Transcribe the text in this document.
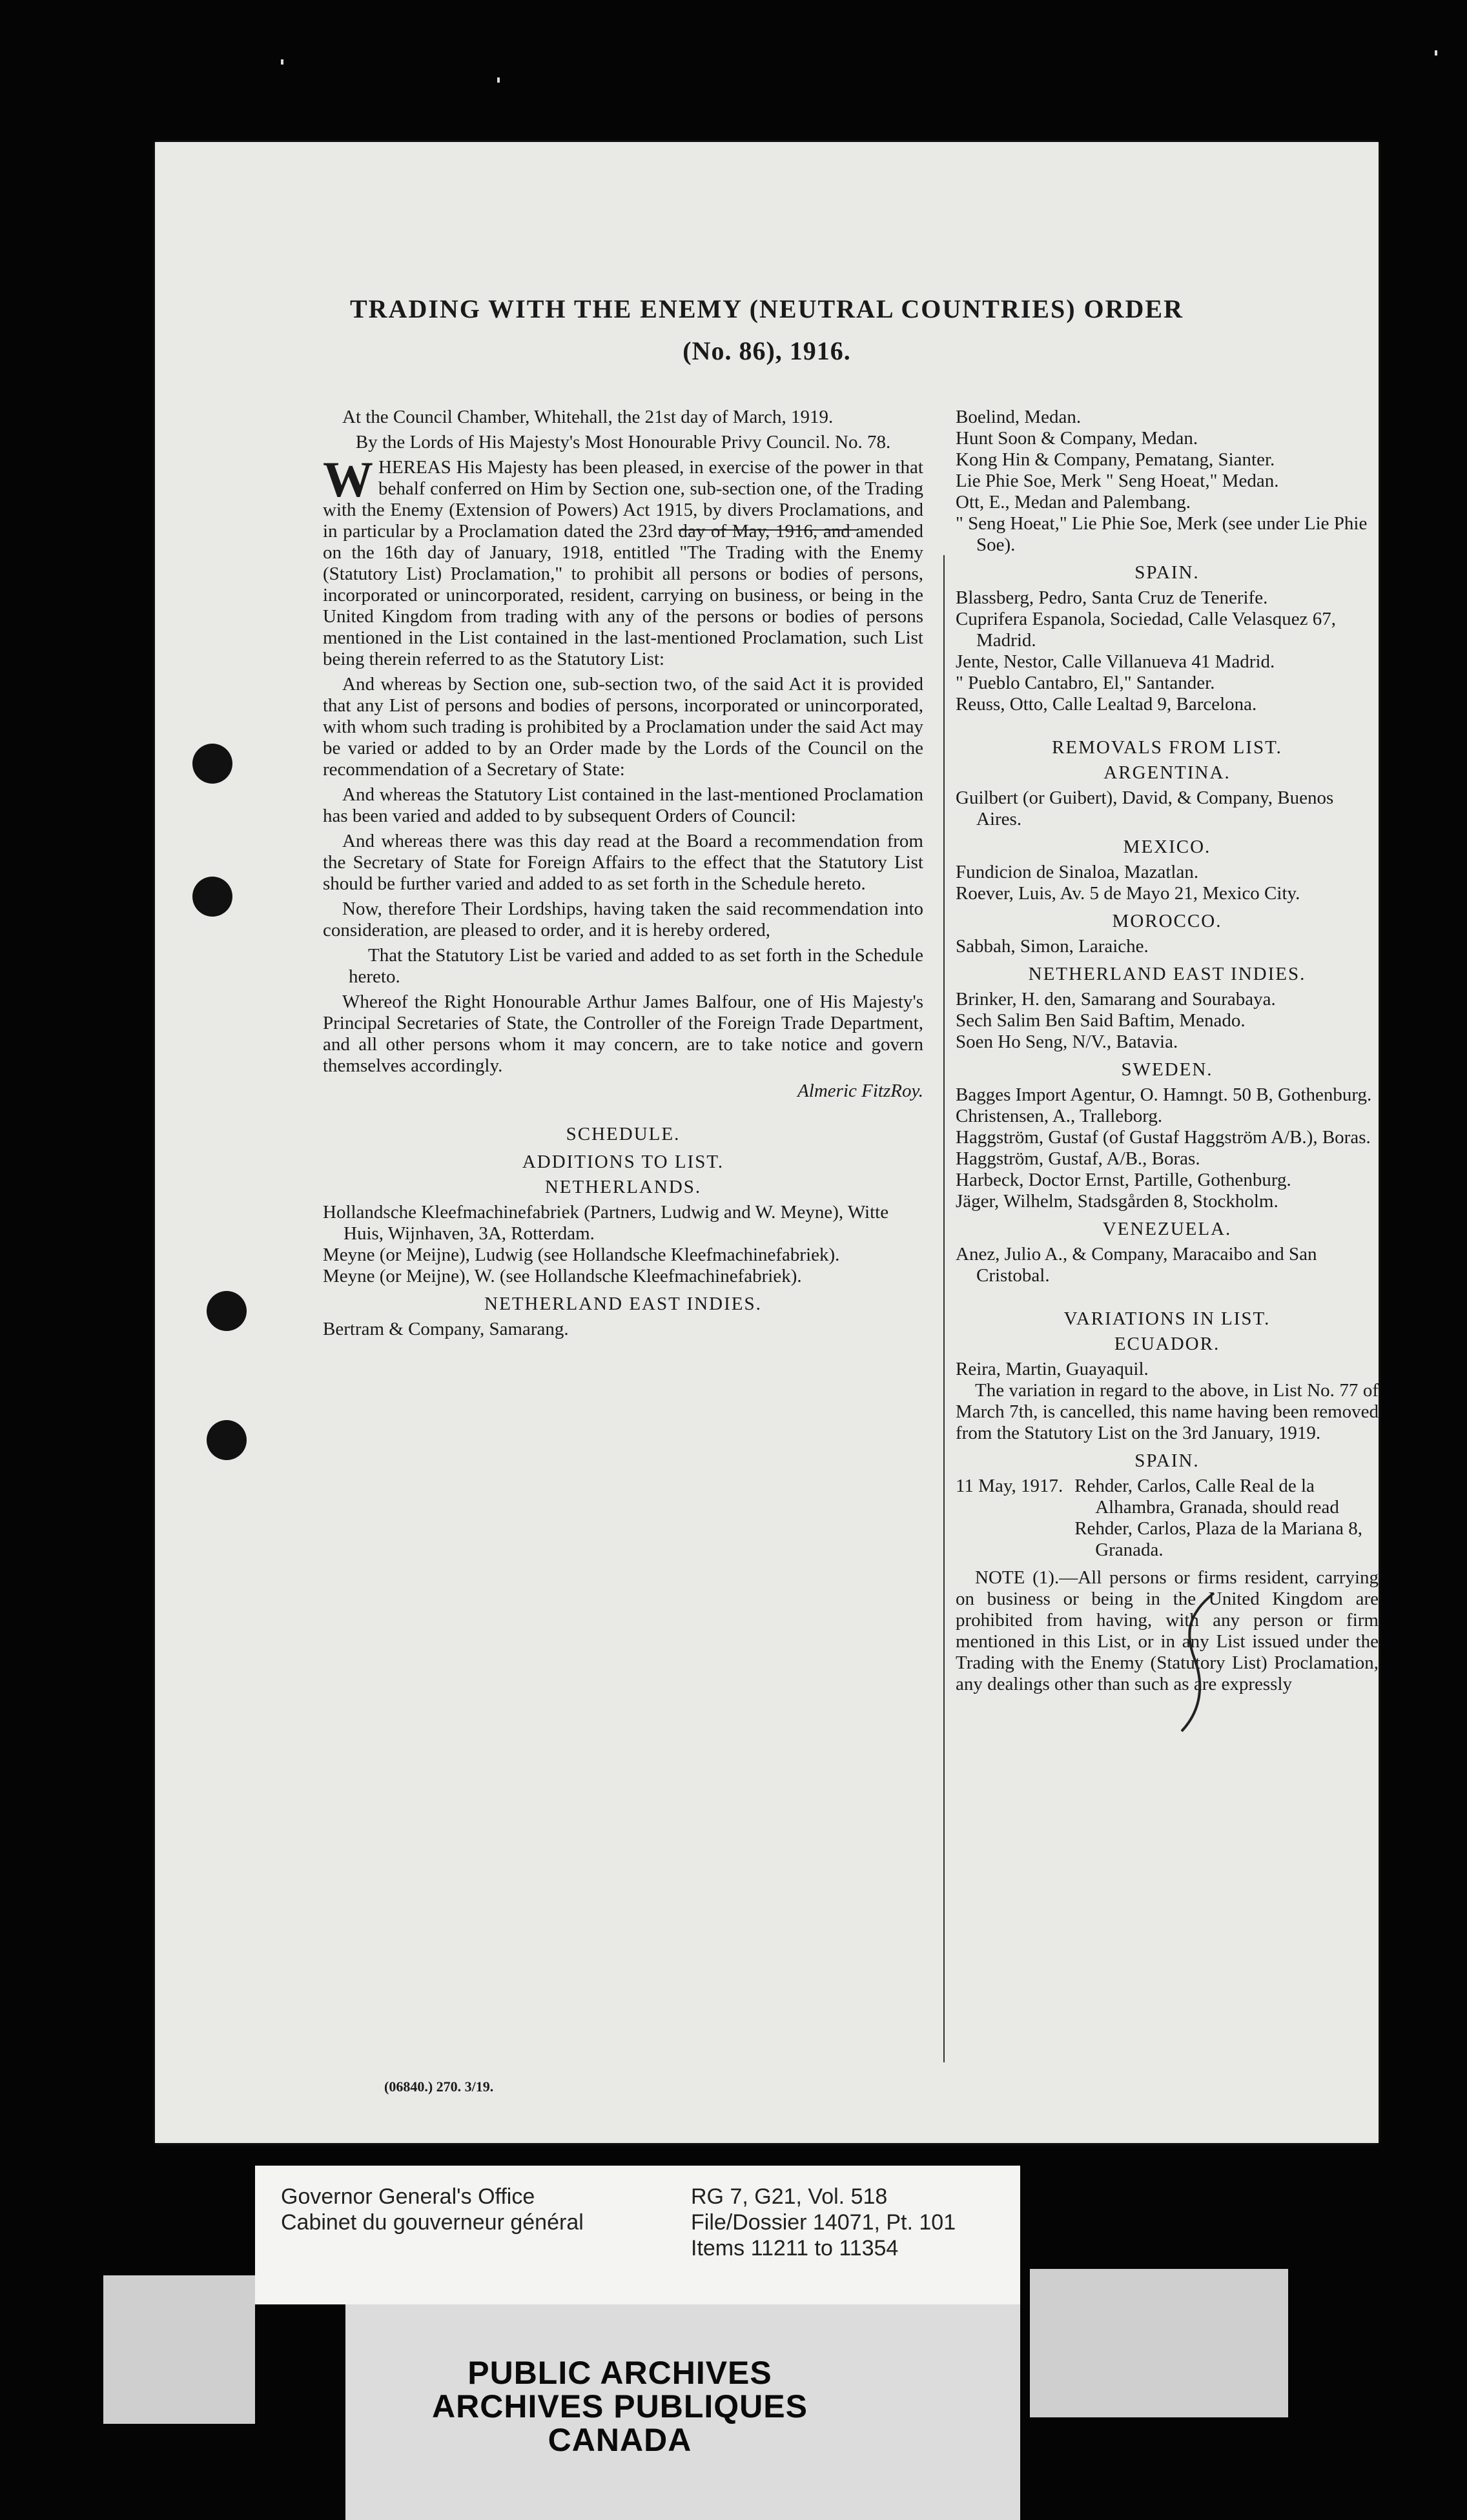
TRADING WITH THE ENEMY (NEUTRAL COUNTRIES) ORDER
(No. 86), 1916.

At the Council Chamber, Whitehall, the 21st day of March, 1919.

By the Lords of His Majesty's Most Honourable Privy Council. No. 78.

WHEREAS His Majesty has been pleased, in exercise of the power in that behalf conferred on Him by Section one, sub-section one, of the Trading with the Enemy (Extension of Powers) Act 1915, by divers Proclamations, and in particular by a Proclamation dated the 23rd day of May, 1916, and amended on the 16th day of January, 1918, entitled "The Trading with the Enemy (Statutory List) Proclamation," to prohibit all persons or bodies of persons, incorporated or unincorporated, resident, carrying on business, or being in the United Kingdom from trading with any of the persons or bodies of persons mentioned in the List contained in the last-mentioned Proclamation, such List being therein referred to as the Statutory List:

And whereas by Section one, sub-section two, of the said Act it is provided that any List of persons and bodies of persons, incorporated or unincorporated, with whom such trading is prohibited by a Proclamation under the said Act may be varied or added to by an Order made by the Lords of the Council on the recommendation of a Secretary of State:

And whereas the Statutory List contained in the last-mentioned Proclamation has been varied and added to by subsequent Orders of Council:

And whereas there was this day read at the Board a recommendation from the Secretary of State for Foreign Affairs to the effect that the Statutory List should be further varied and added to as set forth in the Schedule hereto.

Now, therefore Their Lordships, having taken the said recommendation into consideration, are pleased to order, and it is hereby ordered,

That the Statutory List be varied and added to as set forth in the Schedule hereto.

Whereof the Right Honourable Arthur James Balfour, one of His Majesty's Principal Secretaries of State, the Controller of the Foreign Trade Department, and all other persons whom it may concern, are to take notice and govern themselves accordingly.

Almeric FitzRoy.

SCHEDULE.

ADDITIONS TO LIST.

NETHERLANDS.

Hollandsche Kleefmachinefabriek (Partners, Ludwig and W. Meyne), Witte Huis, Wijnhaven, 3A, Rotterdam.

Meyne (or Meijne), Ludwig (see Hollandsche Kleefmachinefabriek).

Meyne (or Meijne), W. (see Hollandsche Kleefmachinefabriek).

NETHERLAND EAST INDIES.

Bertram & Company, Samarang.

(06840.) 270. 3/19.

Boelind, Medan.

Hunt Soon & Company, Medan.

Kong Hin & Company, Pematang, Sianter.

Lie Phie Soe, Merk " Seng Hoeat," Medan.

Ott, E., Medan and Palembang.

" Seng Hoeat," Lie Phie Soe, Merk (see under Lie Phie Soe).

SPAIN.

Blassberg, Pedro, Santa Cruz de Tenerife.

Cuprifera Espanola, Sociedad, Calle Velasquez 67, Madrid.

Jente, Nestor, Calle Villanueva 41 Madrid.

" Pueblo Cantabro, El," Santander.

Reuss, Otto, Calle Lealtad 9, Barcelona.

REMOVALS FROM LIST.

ARGENTINA.

Guilbert (or Guibert), David, & Company, Buenos Aires.

MEXICO.

Fundicion de Sinaloa, Mazatlan.

Roever, Luis, Av. 5 de Mayo 21, Mexico City.

MOROCCO.

Sabbah, Simon, Laraiche.

NETHERLAND EAST INDIES.

Brinker, H. den, Samarang and Sourabaya.

Sech Salim Ben Said Baftim, Menado.

Soen Ho Seng, N/V., Batavia.

SWEDEN.

Bagges Import Agentur, O. Hamngt. 50 B, Gothenburg.

Christensen, A., Tralleborg.

Haggström, Gustaf (of Gustaf Haggström A/B.), Boras.

Haggström, Gustaf, A/B., Boras.

Harbeck, Doctor Ernst, Partille, Gothenburg.

Jäger, Wilhelm, Stadsgården 8, Stockholm.

VENEZUELA.

Anez, Julio A., & Company, Maracaibo and San Cristobal.

VARIATIONS IN LIST.

ECUADOR.

Reira, Martin, Guayaquil.

The variation in regard to the above, in List No. 77 of March 7th, is cancelled, this name having been removed from the Statutory List on the 3rd January, 1919.

SPAIN.

11 May, 1917. Rehder, Carlos, Calle Real de la Alhambra, Granada, should read

Rehder, Carlos, Plaza de la Mariana 8, Granada.

NOTE (1).—All persons or firms resident, carrying on business or being in the United Kingdom are prohibited from having, with any person or firm mentioned in this List, or in any List issued under the Trading with the Enemy (Statutory List) Proclamation, any dealings other than such as are expressly

Governor General's Office
Cabinet du gouverneur général
RG 7, G21, Vol. 518
File/Dossier 14071, Pt. 101
Items 11211 to 11354
PUBLIC ARCHIVES
ARCHIVES PUBLIQUES
CANADA
